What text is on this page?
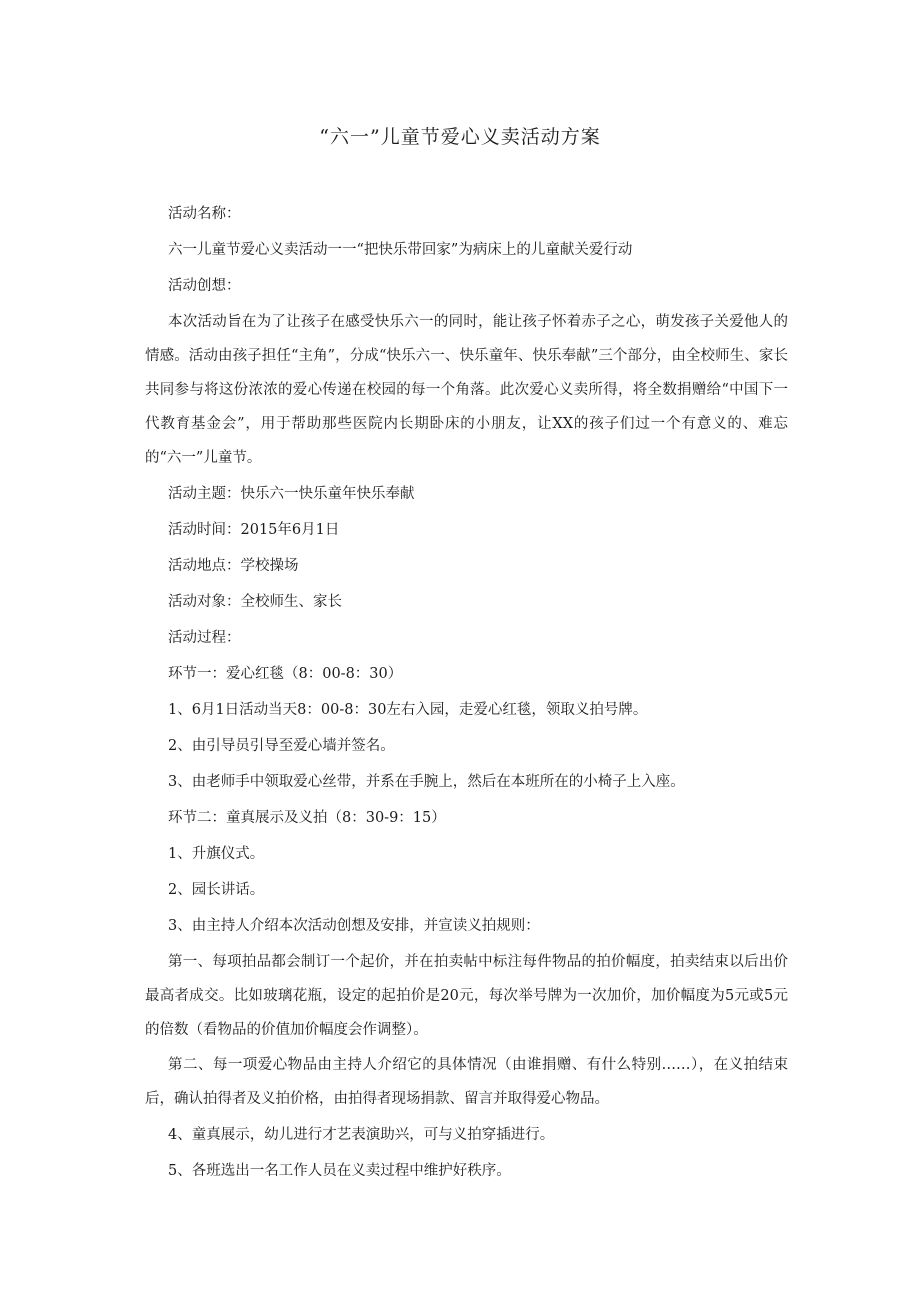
“六一”儿童节爱心义卖活动方案
活动名称：
六一儿童节爱心义卖活动一一“把快乐带回家”为病床上的儿童献关爱行动
活动创想：
本次活动旨在为了让孩子在感受快乐六一的同时，能让孩子怀着赤子之心，萌发孩子关爱他人的情感。活动由孩子担任“主角”，分成“快乐六一、快乐童年、快乐奉献”三个部分，由全校师生、家长共同参与将这份浓浓的爱心传递在校园的每一个角落。此次爱心义卖所得，将全数捐赠给“中国下一代教育基金会”，用于帮助那些医院内长期卧床的小朋友，让XX的孩子们过一个有意义的、难忘的“六一”儿童节。
活动主题：快乐六一快乐童年快乐奉献
活动时间：2015年6月1日
活动地点：学校操场
活动对象：全校师生、家长
活动过程：
环节一：爱心红毯（8：00-8：30）
1、6月1日活动当天8：00-8：30左右入园，走爱心红毯，领取义拍号牌。
2、由引导员引导至爱心墙并签名。
3、由老师手中领取爱心丝带，并系在手腕上，然后在本班所在的小椅子上入座。
环节二：童真展示及义拍（8：30-9：15）
1、升旗仪式。
2、园长讲话。
3、由主持人介绍本次活动创想及安排，并宣读义拍规则：
第一、每项拍品都会制订一个起价，并在拍卖帖中标注每件物品的拍价幅度，拍卖结束以后出价最高者成交。比如玻璃花瓶，设定的起拍价是20元，每次举号牌为一次加价，加价幅度为5元或5元的倍数（看物品的价值加价幅度会作调整）。
第二、每一项爱心物品由主持人介绍它的具体情况（由谁捐赠、有什么特别……），在义拍结束后，确认拍得者及义拍价格，由拍得者现场捐款、留言并取得爱心物品。
4、童真展示，幼儿进行才艺表演助兴，可与义拍穿插进行。
5、各班选出一名工作人员在义卖过程中维护好秩序。
